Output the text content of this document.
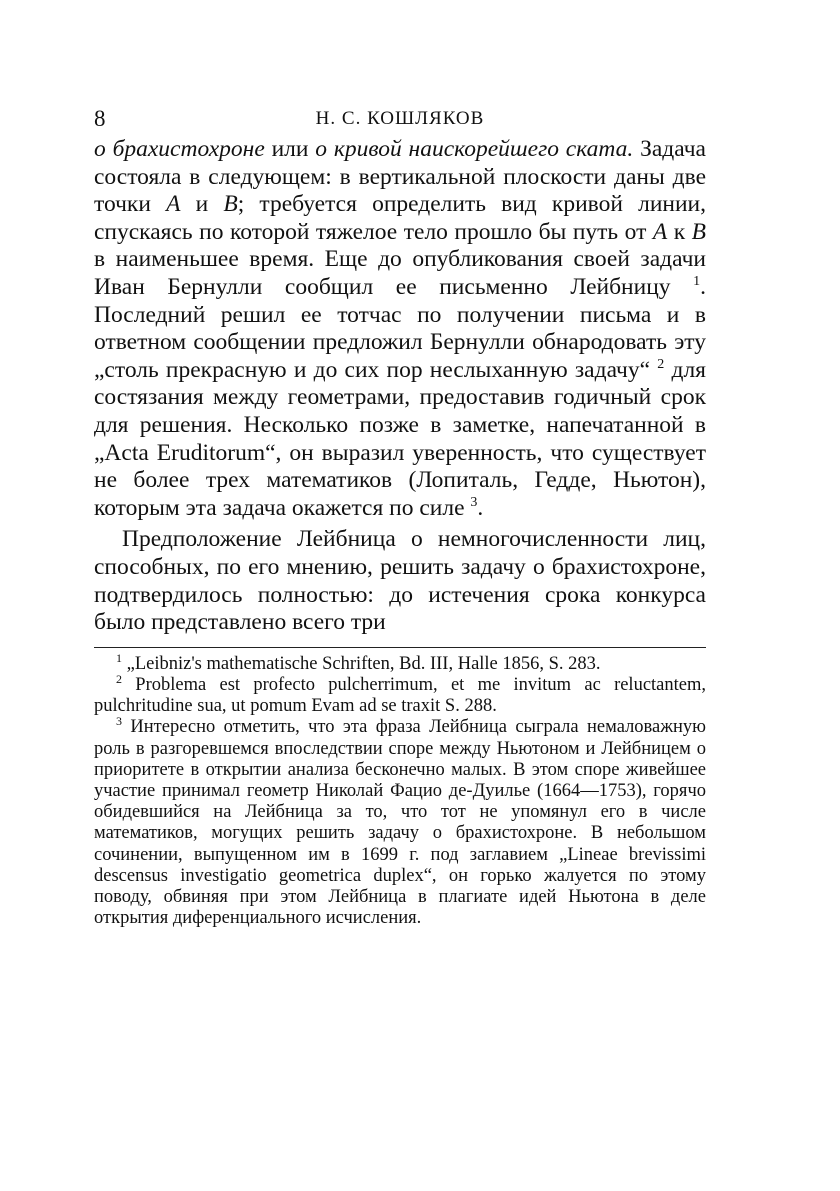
8	Н. С. КОШЛЯКОВ

о брахистохроне или о кривой наискорейшего ската. Задача состояла в следующем: в вертикальной плоскости даны две точки A и B; требуется определить вид кривой линии, спускаясь по которой тяжелое тело прошло бы путь от A к B в наименьшее время. Еще до опубликования своей задачи Иван Бернулли сообщил ее письменно Лейбницу $^1$. Последний решил ее тотчас по получении письма и в ответном сообщении предложил Бернулли обнародовать эту „столь прекрасную и до сих пор неслыханную задачу“ $^2$ для состязания между геометрами, предоставив годичный срок для решения. Несколько позже в заметке, напечатанной в „Acta Eruditorum“, он выразил уверенность, что существует не более трех математиков (Лопиталь, Гедде, Ньютон), которым эта задача окажется по силе $^3$.

Предположение Лейбница о немногочисленности лиц, способных, по его мнению, решить задачу о брахистохроне, подтвердилось полностью: до истечения срока конкурса было представлено всего три

$^1$ „Leibniz's mathematische Schriften, Bd. III, Halle 1856, S. 283.

$^2$ Problema est profecto pulcherrimum, et me invitum ac reluctantem, pulchritudine sua, ut pomum Evam ad se traxit S. 288.

$^3$ Интересно отметить, что эта фраза Лейбница сыграла немаловажную роль в разгоревшемся впоследствии споре между Ньютоном и Лейбницем о приоритете в открытии анализа бесконечно малых. В этом споре живейшее участие принимал геометр Николай Фацио де-Дуилье (1664—1753), горячо обидевшийся на Лейбница за то, что тот не упомянул его в числе математиков, могущих решить задачу о брахистохроне. В небольшом сочинении, выпущенном им в 1699 г. под заглавием „Lineae brevissimi descensus investigatio geometrica duplex“, он горько жалуется по этому поводу, обвиняя при этом Лейбница в плагиате идей Ньютона в деле открытия диференциального исчисления.
